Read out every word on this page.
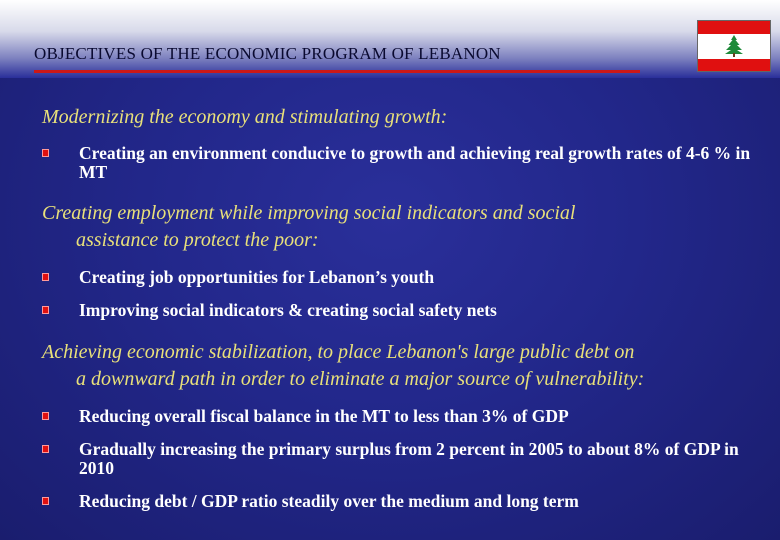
OBJECTIVES OF THE ECONOMIC PROGRAM OF LEBANON
Modernizing the economy and stimulating growth:
Creating an environment conducive to growth and achieving real growth rates of 4-6 % in MT
Creating employment while improving social indicators and social
assistance to protect the poor:
Creating job opportunities for Lebanon’s youth
Improving social indicators & creating social safety nets
Achieving economic stabilization, to place Lebanon's large public debt on
a downward path in order to eliminate a major source of vulnerability:
Reducing overall fiscal balance in the MT to less than 3% of GDP
Gradually increasing the primary surplus from 2 percent in 2005 to about 8% of GDP in 2010
Reducing debt / GDP ratio steadily over the medium and long term
